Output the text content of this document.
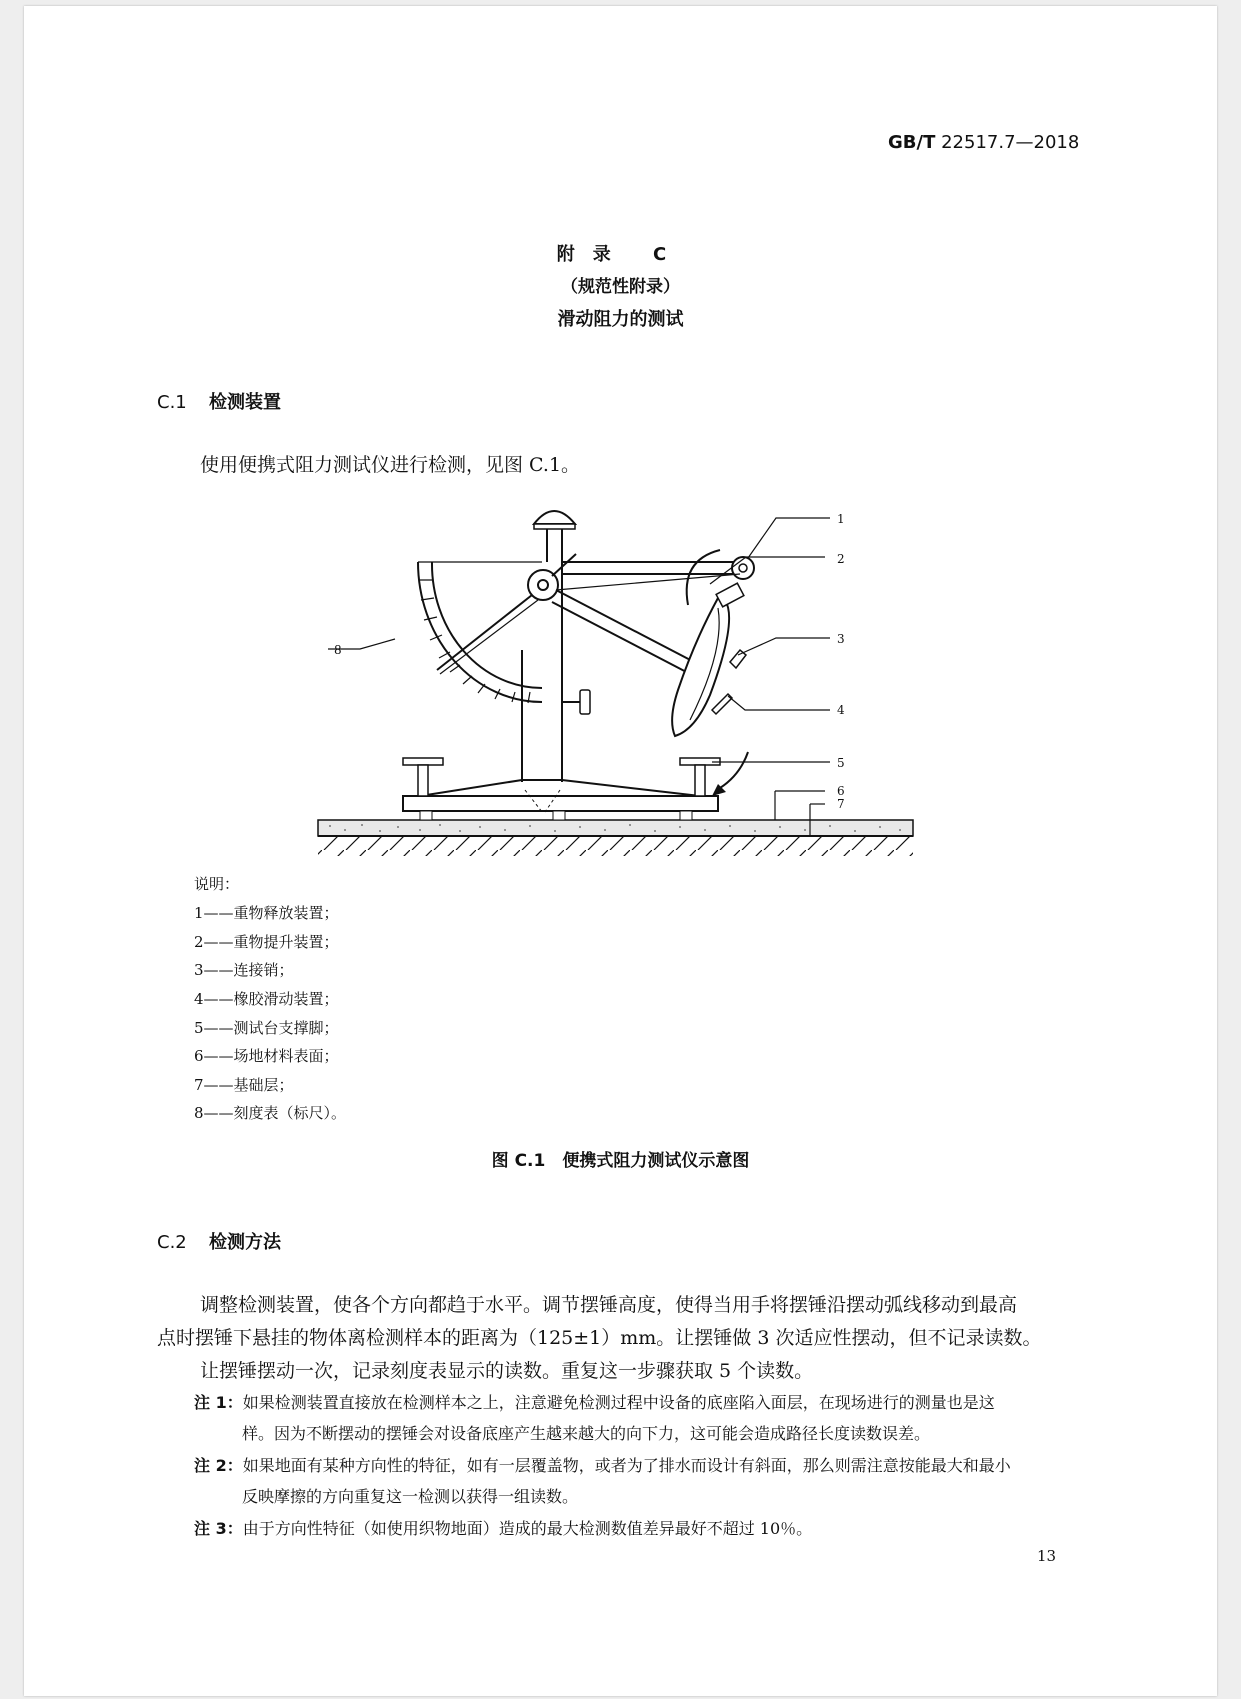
GB/T 22517.7—2018
附录 C
（规范性附录）
滑动阻力的测试
C.1 检测装置
使用便携式阻力测试仪进行检测，见图 C.1。
1
2
3
4
5
6
7
8
说明：
1——重物释放装置；
2——重物提升装置；
3——连接销；
4——橡胶滑动装置；
5——测试台支撑脚；
6——场地材料表面；
7——基础层；
8——刻度表（标尺）。
图 C.1　便携式阻力测试仪示意图
C.2 检测方法
调整检测装置，使各个方向都趋于水平。调节摆锤高度，使得当用手将摆锤沿摆动弧线移动到最高
点时摆锤下悬挂的物体离检测样本的距离为（125±1）mm。让摆锤做 3 次适应性摆动，但不记录读数。
让摆锤摆动一次，记录刻度表显示的读数。重复这一步骤获取 5 个读数。
注 1：如果检测装置直接放在检测样本之上，注意避免检测过程中设备的底座陷入面层，在现场进行的测量也是这
样。因为不断摆动的摆锤会对设备底座产生越来越大的向下力，这可能会造成路径长度读数误差。
注 2：如果地面有某种方向性的特征，如有一层覆盖物，或者为了排水而设计有斜面，那么则需注意按能最大和最小
反映摩擦的方向重复这一检测以获得一组读数。
注 3：由于方向性特征（如使用织物地面）造成的最大检测数值差异最好不超过 10％。
13
